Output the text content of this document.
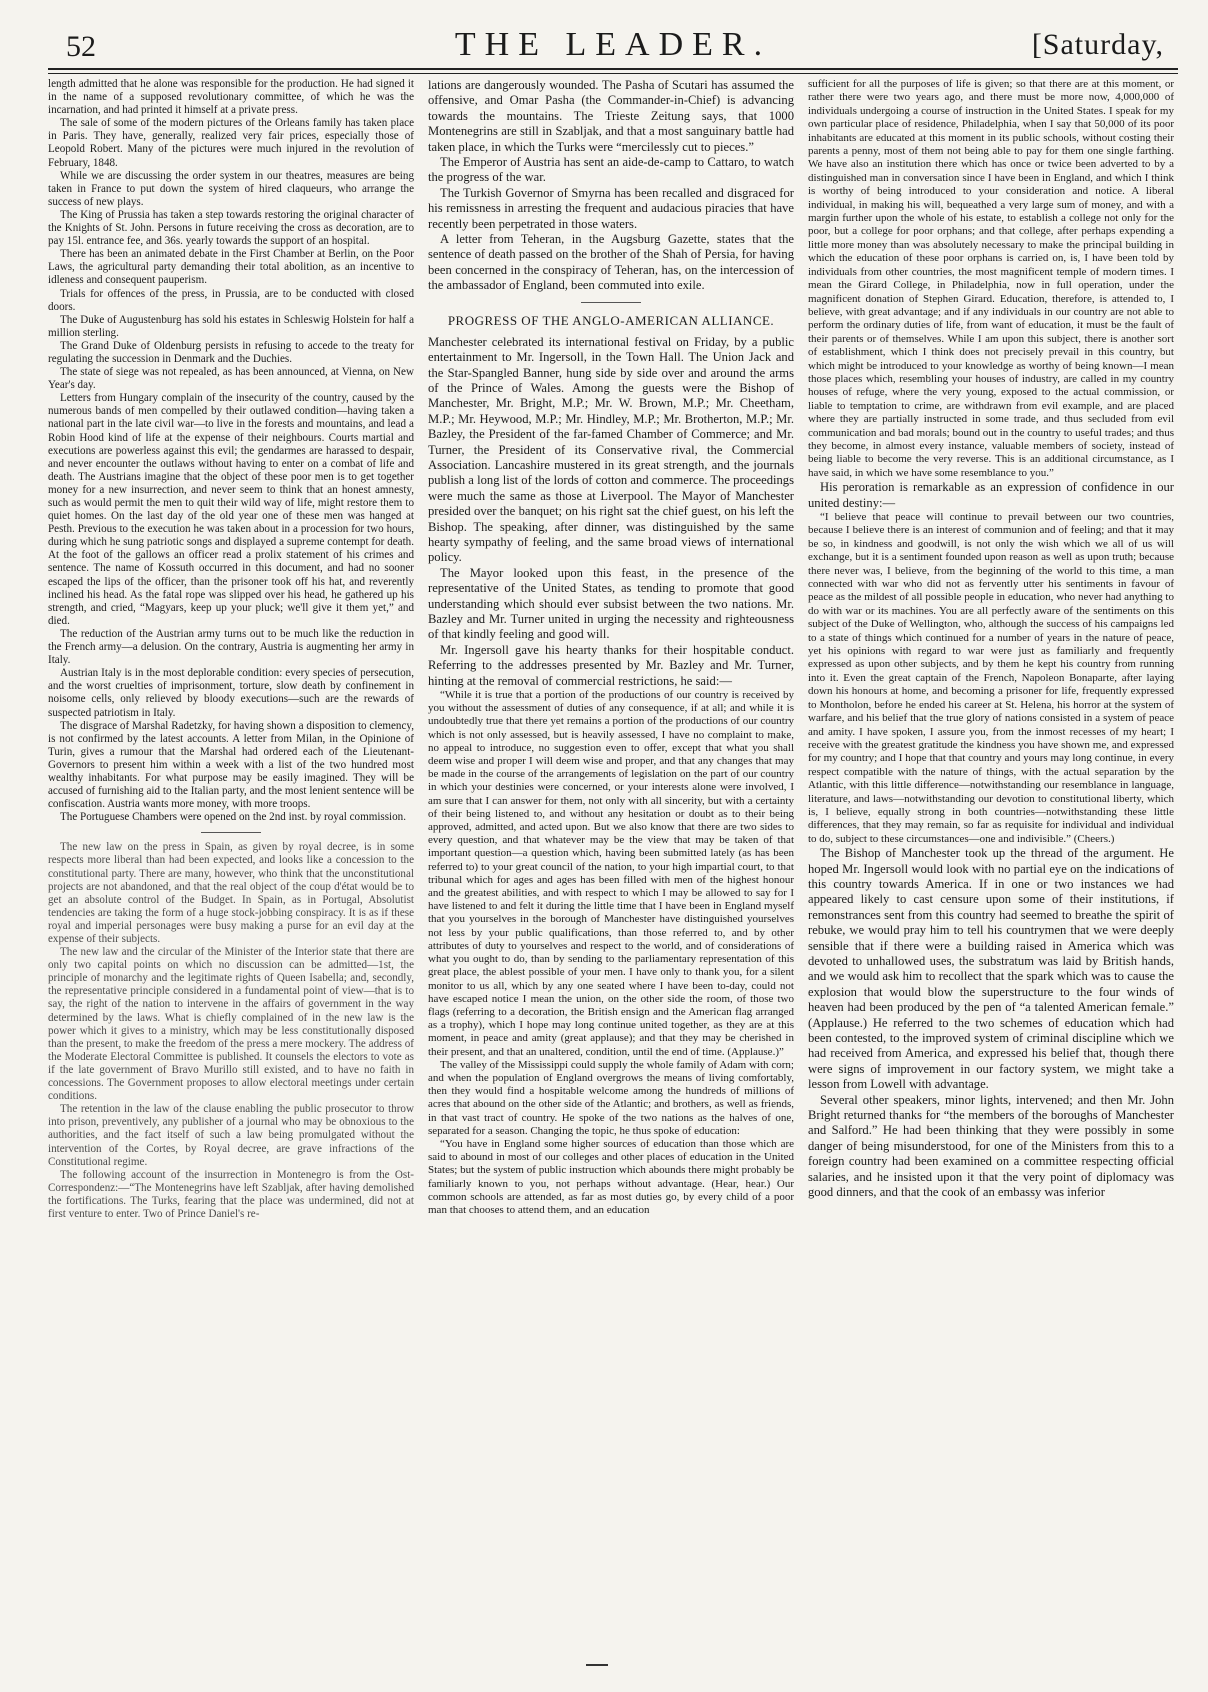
52	THE LEADER.	[Saturday,

length admitted that he alone was responsible for the production. He had signed it in the name of a supposed revolutionary committee, of which he was the incarnation, and had printed it himself at a private press.

The sale of some of the modern pictures of the Orleans family has taken place in Paris. They have, generally, realized very fair prices, especially those of Leopold Robert. Many of the pictures were much injured in the revolution of February, 1848.

While we are discussing the order system in our theatres, measures are being taken in France to put down the system of hired claqueurs, who arrange the success of new plays.

The King of Prussia has taken a step towards restoring the original character of the Knights of St. John. Persons in future receiving the cross as decoration, are to pay 15l. entrance fee, and 36s. yearly towards the support of an hospital.

There has been an animated debate in the First Chamber at Berlin, on the Poor Laws, the agricultural party demanding their total abolition, as an incentive to idleness and consequent pauperism.

Trials for offences of the press, in Prussia, are to be conducted with closed doors.

The Duke of Augustenburg has sold his estates in Schleswig Holstein for half a million sterling.

The Grand Duke of Oldenburg persists in refusing to accede to the treaty for regulating the succession in Denmark and the Duchies.

The state of siege was not repealed, as has been announced, at Vienna, on New Year's day.

Letters from Hungary complain of the insecurity of the country, caused by the numerous bands of men compelled by their outlawed condition—having taken a national part in the late civil war—to live in the forests and mountains, and lead a Robin Hood kind of life at the expense of their neighbours. Courts martial and executions are powerless against this evil; the gendarmes are harassed to despair, and never encounter the outlaws without having to enter on a combat of life and death. The Austrians imagine that the object of these poor men is to get together money for a new insurrection, and never seem to think that an honest amnesty, such as would permit the men to quit their wild way of life, might restore them to quiet homes. On the last day of the old year one of these men was hanged at Pesth. Previous to the execution he was taken about in a procession for two hours, during which he sung patriotic songs and displayed a supreme contempt for death. At the foot of the gallows an officer read a prolix statement of his crimes and sentence. The name of Kossuth occurred in this document, and had no sooner escaped the lips of the officer, than the prisoner took off his hat, and reverently inclined his head. As the fatal rope was slipped over his head, he gathered up his strength, and cried, “Magyars, keep up your pluck; we'll give it them yet,” and died.

The reduction of the Austrian army turns out to be much like the reduction in the French army—a delusion. On the contrary, Austria is augmenting her army in Italy.

Austrian Italy is in the most deplorable condition: every species of persecution, and the worst cruelties of imprisonment, torture, slow death by confinement in noisome cells, only relieved by bloody executions—such are the rewards of suspected patriotism in Italy.

The disgrace of Marshal Radetzky, for having shown a disposition to clemency, is not confirmed by the latest accounts. A letter from Milan, in the Opinione of Turin, gives a rumour that the Marshal had ordered each of the Lieutenant-Governors to present him within a week with a list of the two hundred most wealthy inhabitants. For what purpose may be easily imagined. They will be accused of furnishing aid to the Italian party, and the most lenient sentence will be confiscation. Austria wants more money, with more troops.

The Portuguese Chambers were opened on the 2nd inst. by royal commission.

The new law on the press in Spain, as given by royal decree, is in some respects more liberal than had been expected, and looks like a concession to the constitutional party. There are many, however, who think that the unconstitutional projects are not abandoned, and that the real object of the coup d'état would be to get an absolute control of the Budget. In Spain, as in Portugal, Absolutist tendencies are taking the form of a huge stock-jobbing conspiracy. It is as if these royal and imperial personages were busy making a purse for an evil day at the expense of their subjects.

The new law and the circular of the Minister of the Interior state that there are only two capital points on which no discussion can be admitted—1st, the principle of monarchy and the legitimate rights of Queen Isabella; and, secondly, the representative principle considered in a fundamental point of view—that is to say, the right of the nation to intervene in the affairs of government in the way determined by the laws. What is chiefly complained of in the new law is the power which it gives to a ministry, which may be less constitutionally disposed than the present, to make the freedom of the press a mere mockery. The address of the Moderate Electoral Committee is published. It counsels the electors to vote as if the late government of Bravo Murillo still existed, and to have no faith in concessions. The Government proposes to allow electoral meetings under certain conditions.

The retention in the law of the clause enabling the public prosecutor to throw into prison, preventively, any publisher of a journal who may be obnoxious to the authorities, and the fact itself of such a law being promulgated without the intervention of the Cortes, by Royal decree, are grave infractions of the Constitutional regime.

The following account of the insurrection in Montenegro is from the Ost-Correspondenz:—“The Montenegrins have left Szabljak, after having demolished the fortifications. The Turks, fearing that the place was undermined, did not at first venture to enter. Two of Prince Daniel's re-

lations are dangerously wounded. The Pasha of Scutari has assumed the offensive, and Omar Pasha (the Commander-in-Chief) is advancing towards the mountains. The Trieste Zeitung says, that 1000 Montenegrins are still in Szabljak, and that a most sanguinary battle had taken place, in which the Turks were “mercilessly cut to pieces.”

The Emperor of Austria has sent an aide-de-camp to Cattaro, to watch the progress of the war.

The Turkish Governor of Smyrna has been recalled and disgraced for his remissness in arresting the frequent and audacious piracies that have recently been perpetrated in those waters.

A letter from Teheran, in the Augsburg Gazette, states that the sentence of death passed on the brother of the Shah of Persia, for having been concerned in the conspiracy of Teheran, has, on the intercession of the ambassador of England, been commuted into exile.

PROGRESS OF THE ANGLO-AMERICAN ALLIANCE.

Manchester celebrated its international festival on Friday, by a public entertainment to Mr. Ingersoll, in the Town Hall. The Union Jack and the Star-Spangled Banner, hung side by side over and around the arms of the Prince of Wales. Among the guests were the Bishop of Manchester, Mr. Bright, M.P.; Mr. W. Brown, M.P.; Mr. Cheetham, M.P.; Mr. Heywood, M.P.; Mr. Hindley, M.P.; Mr. Brotherton, M.P.; Mr. Bazley, the President of the far-famed Chamber of Commerce; and Mr. Turner, the President of its Conservative rival, the Commercial Association. Lancashire mustered in its great strength, and the journals publish a long list of the lords of cotton and commerce. The proceedings were much the same as those at Liverpool. The Mayor of Manchester presided over the banquet; on his right sat the chief guest, on his left the Bishop. The speaking, after dinner, was distinguished by the same hearty sympathy of feeling, and the same broad views of international policy.

The Mayor looked upon this feast, in the presence of the representative of the United States, as tending to promote that good understanding which should ever subsist between the two nations. Mr. Bazley and Mr. Turner united in urging the necessity and righteousness of that kindly feeling and good will.

Mr. Ingersoll gave his hearty thanks for their hospitable conduct. Referring to the addresses presented by Mr. Bazley and Mr. Turner, hinting at the removal of commercial restrictions, he said:—

“While it is true that a portion of the productions of our country is received by you without the assessment of duties of any consequence, if at all; and while it is undoubtedly true that there yet remains a portion of the productions of our country which is not only assessed, but is heavily assessed, I have no complaint to make, no appeal to introduce, no suggestion even to offer, except that what you shall deem wise and proper I will deem wise and proper, and that any changes that may be made in the course of the arrangements of legislation on the part of our country in which your destinies were concerned, or your interests alone were involved, I am sure that I can answer for them, not only with all sincerity, but with a certainty of their being listened to, and without any hesitation or doubt as to their being approved, admitted, and acted upon. But we also know that there are two sides to every question, and that whatever may be the view that may be taken of that important question—a question which, having been submitted lately (as has been referred to) to your great council of the nation, to your high impartial court, to that tribunal which for ages and ages has been filled with men of the highest honour and the greatest abilities, and with respect to which I may be allowed to say for I have listened to and felt it during the little time that I have been in England myself that you yourselves in the borough of Manchester have distinguished yourselves not less by your public qualifications, than those referred to, and by other attributes of duty to yourselves and respect to the world, and of considerations of what you ought to do, than by sending to the parliamentary representation of this great place, the ablest possible of your men. I have only to thank you, for a silent monitor to us all, which by any one seated where I have been to-day, could not have escaped notice I mean the union, on the other side the room, of those two flags (referring to a decoration, the British ensign and the American flag arranged as a trophy), which I hope may long continue united together, as they are at this moment, in peace and amity (great applause); and that they may be cherished in their present, and that an unaltered, condition, until the end of time. (Applause.)”

The valley of the Mississippi could supply the whole family of Adam with corn; and when the population of England overgrows the means of living comfortably, then they would find a hospitable welcome among the hundreds of millions of acres that abound on the other side of the Atlantic; and brothers, as well as friends, in that vast tract of country. He spoke of the two nations as the halves of one, separated for a season. Changing the topic, he thus spoke of education:

“You have in England some higher sources of education than those which are said to abound in most of our colleges and other places of education in the United States; but the system of public instruction which abounds there might probably be familiarly known to you, not perhaps without advantage. (Hear, hear.) Our common schools are attended, as far as most duties go, by every child of a poor man that chooses to attend them, and an education

sufficient for all the purposes of life is given; so that there are at this moment, or rather there were two years ago, and there must be more now, 4,000,000 of individuals undergoing a course of instruction in the United States. I speak for my own particular place of residence, Philadelphia, when I say that 50,000 of its poor inhabitants are educated at this moment in its public schools, without costing their parents a penny, most of them not being able to pay for them one single farthing. We have also an institution there which has once or twice been adverted to by a distinguished man in conversation since I have been in England, and which I think is worthy of being introduced to your consideration and notice. A liberal individual, in making his will, bequeathed a very large sum of money, and with a margin further upon the whole of his estate, to establish a college not only for the poor, but a college for poor orphans; and that college, after perhaps expending a little more money than was absolutely necessary to make the principal building in which the education of these poor orphans is carried on, is, I have been told by individuals from other countries, the most magnificent temple of modern times. I mean the Girard College, in Philadelphia, now in full operation, under the magnificent donation of Stephen Girard. Education, therefore, is attended to, I believe, with great advantage; and if any individuals in our country are not able to perform the ordinary duties of life, from want of education, it must be the fault of their parents or of themselves. While I am upon this subject, there is another sort of establishment, which I think does not precisely prevail in this country, but which might be introduced to your knowledge as worthy of being known—I mean those places which, resembling your houses of industry, are called in my country houses of refuge, where the very young, exposed to the actual commission, or liable to temptation to crime, are withdrawn from evil example, and are placed where they are partially instructed in some trade, and thus secluded from evil communication and bad morals; bound out in the country to useful trades; and thus they become, in almost every instance, valuable members of society, instead of being liable to become the very reverse. This is an additional circumstance, as I have said, in which we have some resemblance to you.”

His peroration is remarkable as an expression of confidence in our united destiny:—

“I believe that peace will continue to prevail between our two countries, because I believe there is an interest of communion and of feeling; and that it may be so, in kindness and goodwill, is not only the wish which we all of us will exchange, but it is a sentiment founded upon reason as well as upon truth; because there never was, I believe, from the beginning of the world to this time, a man connected with war who did not as fervently utter his sentiments in favour of peace as the mildest of all possible people in education, who never had anything to do with war or its machines. You are all perfectly aware of the sentiments on this subject of the Duke of Wellington, who, although the success of his campaigns led to a state of things which continued for a number of years in the nature of peace, yet his opinions with regard to war were just as familiarly and frequently expressed as upon other subjects, and by them he kept his country from running into it. Even the great captain of the French, Napoleon Bonaparte, after laying down his honours at home, and becoming a prisoner for life, frequently expressed to Montholon, before he ended his career at St. Helena, his horror at the system of warfare, and his belief that the true glory of nations consisted in a system of peace and amity. I have spoken, I assure you, from the inmost recesses of my heart; I receive with the greatest gratitude the kindness you have shown me, and expressed for my country; and I hope that that country and yours may long continue, in every respect compatible with the nature of things, with the actual separation by the Atlantic, with this little difference—notwithstanding our resemblance in language, literature, and laws—notwithstanding our devotion to constitutional liberty, which is, I believe, equally strong in both countries—notwithstanding these little differences, that they may remain, so far as requisite for individual and individual to do, subject to these circumstances—one and indivisible.” (Cheers.)

The Bishop of Manchester took up the thread of the argument. He hoped Mr. Ingersoll would look with no partial eye on the indications of this country towards America. If in one or two instances we had appeared likely to cast censure upon some of their institutions, if remonstrances sent from this country had seemed to breathe the spirit of rebuke, we would pray him to tell his countrymen that we were deeply sensible that if there were a building raised in America which was devoted to unhallowed uses, the substratum was laid by British hands, and we would ask him to recollect that the spark which was to cause the explosion that would blow the superstructure to the four winds of heaven had been produced by the pen of “a talented American female.” (Applause.) He referred to the two schemes of education which had been contested, to the improved system of criminal discipline which we had received from America, and expressed his belief that, though there were signs of improvement in our factory system, we might take a lesson from Lowell with advantage.

Several other speakers, minor lights, intervened; and then Mr. John Bright returned thanks for “the members of the boroughs of Manchester and Salford.” He had been thinking that they were possibly in some danger of being misunderstood, for one of the Ministers from this to a foreign country had been examined on a committee respecting official salaries, and he insisted upon it that the very point of diplomacy was good dinners, and that the cook of an embassy was inferior
